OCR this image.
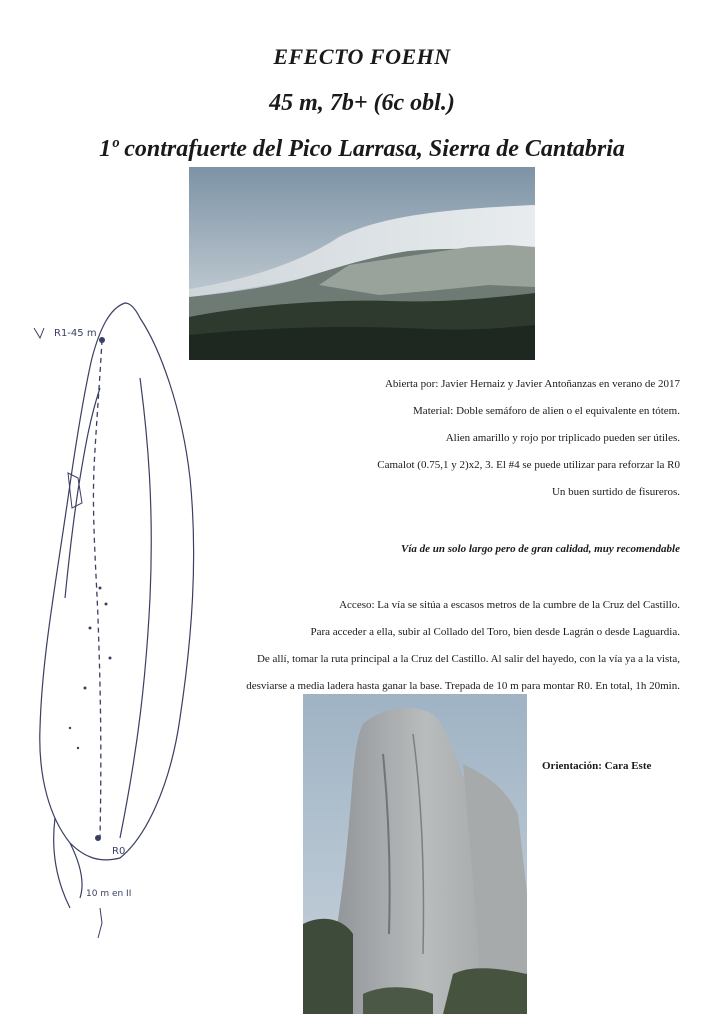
EFECTO FOEHN
45 m, 7b+ (6c obl.)
1º contrafuerte del Pico Larrasa, Sierra de Cantabria
R1-45 m
R0
10 m en II
Abierta por: Javier Hernaiz y Javier Antoñanzas en verano de 2017
Material: Doble semáforo de alien o el equivalente en tótem.
Alien amarillo y rojo por triplicado pueden ser útiles.
Camalot (0.75,1 y 2)x2, 3. El #4 se puede utilizar para reforzar la R0
Un buen surtido de fisureros.
Vía de un solo largo pero de gran calidad, muy recomendable
Acceso: La vía se sitúa a escasos metros de la cumbre de la Cruz del Castillo.
Para acceder a ella, subir al Collado del Toro, bien desde Lagrán o desde Laguardia.
De allí, tomar la ruta principal a la Cruz del Castillo. Al salir del hayedo, con la vía ya a la vista,
desviarse a media ladera hasta ganar la base. Trepada de 10 m para montar R0. En total, 1h 20min.
Orientación: Cara Este
